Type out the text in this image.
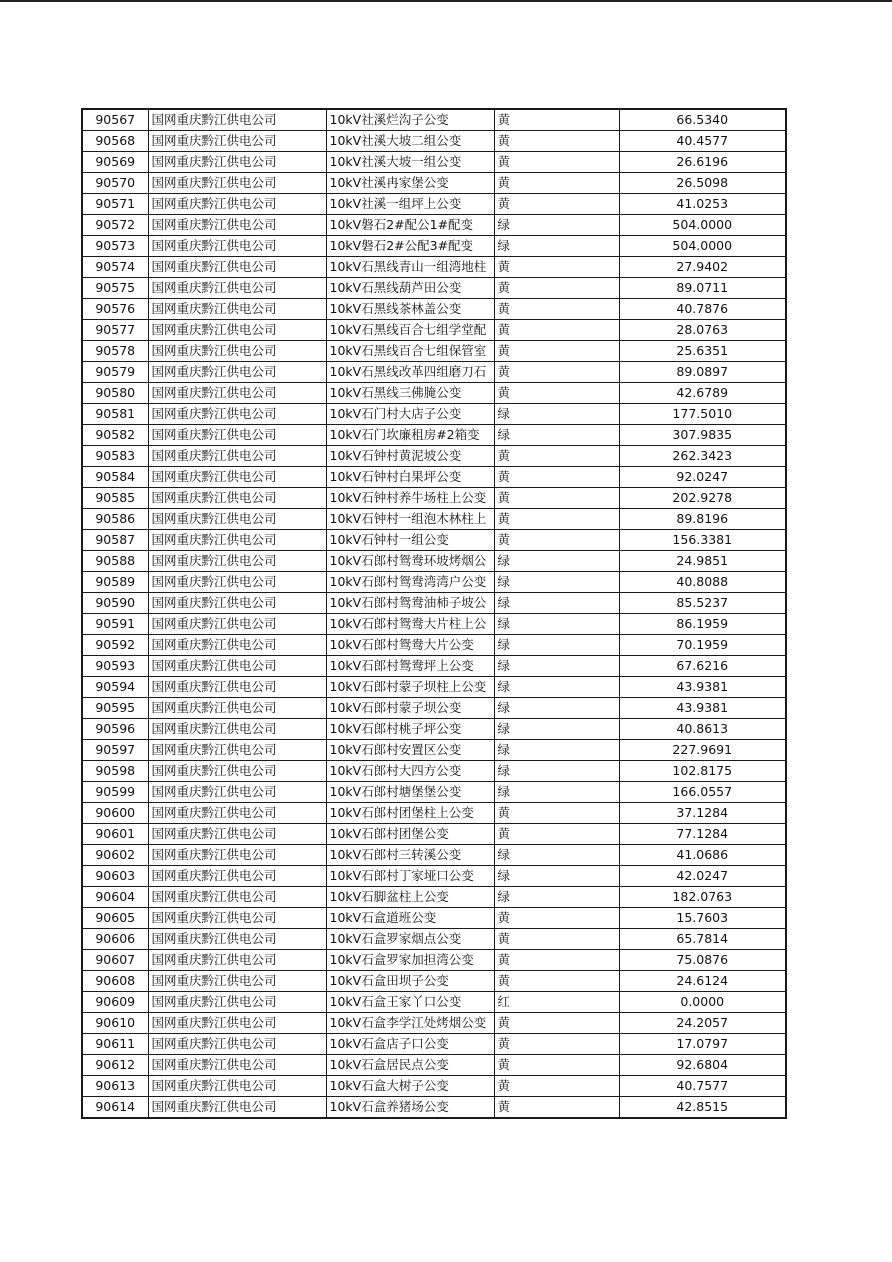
90567	国网重庆黔江供电公司	10kV社溪烂沟子公变	黄	66.5340
90568	国网重庆黔江供电公司	10kV社溪大坡二组公变	黄	40.4577
90569	国网重庆黔江供电公司	10kV社溪大坡一组公变	黄	26.6196
90570	国网重庆黔江供电公司	10kV社溪冉家堡公变	黄	26.5098
90571	国网重庆黔江供电公司	10kV社溪一组坪上公变	黄	41.0253
90572	国网重庆黔江供电公司	10kV磐石2#配公1#配变	绿	504.0000
90573	国网重庆黔江供电公司	10kV磐石2#公配3#配变	绿	504.0000
90574	国网重庆黔江供电公司	10kV石黑线青山一组湾地柱	黄	27.9402
90575	国网重庆黔江供电公司	10kV石黑线葫芦田公变	黄	89.0711
90576	国网重庆黔江供电公司	10kV石黑线茶林盖公变	黄	40.7876
90577	国网重庆黔江供电公司	10kV石黑线百合七组学堂配	黄	28.0763
90578	国网重庆黔江供电公司	10kV石黑线百合七组保管室	黄	25.6351
90579	国网重庆黔江供电公司	10kV石黑线改革四组磨刀石	黄	89.0897
90580	国网重庆黔江供电公司	10kV石黑线三佛腌公变	黄	42.6789
90581	国网重庆黔江供电公司	10kV石门村大店子公变	绿	177.5010
90582	国网重庆黔江供电公司	10kV石门坎廉租房#2箱变	绿	307.9835
90583	国网重庆黔江供电公司	10kV石钟村黄泥坡公变	黄	262.3423
90584	国网重庆黔江供电公司	10kV石钟村白果坪公变	黄	92.0247
90585	国网重庆黔江供电公司	10kV石钟村养牛场柱上公变	黄	202.9278
90586	国网重庆黔江供电公司	10kV石钟村一组泡木林柱上	黄	89.8196
90587	国网重庆黔江供电公司	10kV石钟村一组公变	黄	156.3381
90588	国网重庆黔江供电公司	10kV石郎村鸳鸯环坡烤烟公	绿	24.9851
90589	国网重庆黔江供电公司	10kV石郎村鸳鸯湾湾户公变	绿	40.8088
90590	国网重庆黔江供电公司	10kV石郎村鸳鸯油柿子坡公	绿	85.5237
90591	国网重庆黔江供电公司	10kV石郎村鸳鸯大片柱上公	绿	86.1959
90592	国网重庆黔江供电公司	10kV石郎村鸳鸯大片公变	绿	70.1959
90593	国网重庆黔江供电公司	10kV石郎村鸳鸯坪上公变	绿	67.6216
90594	国网重庆黔江供电公司	10kV石郎村蒙子坝柱上公变	绿	43.9381
90595	国网重庆黔江供电公司	10kV石郎村蒙子坝公变	绿	43.9381
90596	国网重庆黔江供电公司	10kV石郎村桃子坪公变	绿	40.8613
90597	国网重庆黔江供电公司	10kV石郎村安置区公变	绿	227.9691
90598	国网重庆黔江供电公司	10kV石郎村大四方公变	绿	102.8175
90599	国网重庆黔江供电公司	10kV石郎村塘堡堡公变	绿	166.0557
90600	国网重庆黔江供电公司	10kV石郎村团堡柱上公变	黄	37.1284
90601	国网重庆黔江供电公司	10kV石郎村团堡公变	黄	77.1284
90602	国网重庆黔江供电公司	10kV石郎村三转溪公变	绿	41.0686
90603	国网重庆黔江供电公司	10kV石郎村丁家垭口公变	绿	42.0247
90604	国网重庆黔江供电公司	10kV石脚盆柱上公变	绿	182.0763
90605	国网重庆黔江供电公司	10kV石盒道班公变	黄	15.7603
90606	国网重庆黔江供电公司	10kV石盒罗家烟点公变	黄	65.7814
90607	国网重庆黔江供电公司	10kV石盒罗家加担湾公变	黄	75.0876
90608	国网重庆黔江供电公司	10kV石盒田坝子公变	黄	24.6124
90609	国网重庆黔江供电公司	10kV石盒王家丫口公变	红	0.0000
90610	国网重庆黔江供电公司	10kV石盒李学江处烤烟公变	黄	24.2057
90611	国网重庆黔江供电公司	10kV石盒店子口公变	黄	17.0797
90612	国网重庆黔江供电公司	10kV石盒居民点公变	黄	92.6804
90613	国网重庆黔江供电公司	10kV石盒大树子公变	黄	40.7577
90614	国网重庆黔江供电公司	10kV石盒养猪场公变	黄	42.8515
